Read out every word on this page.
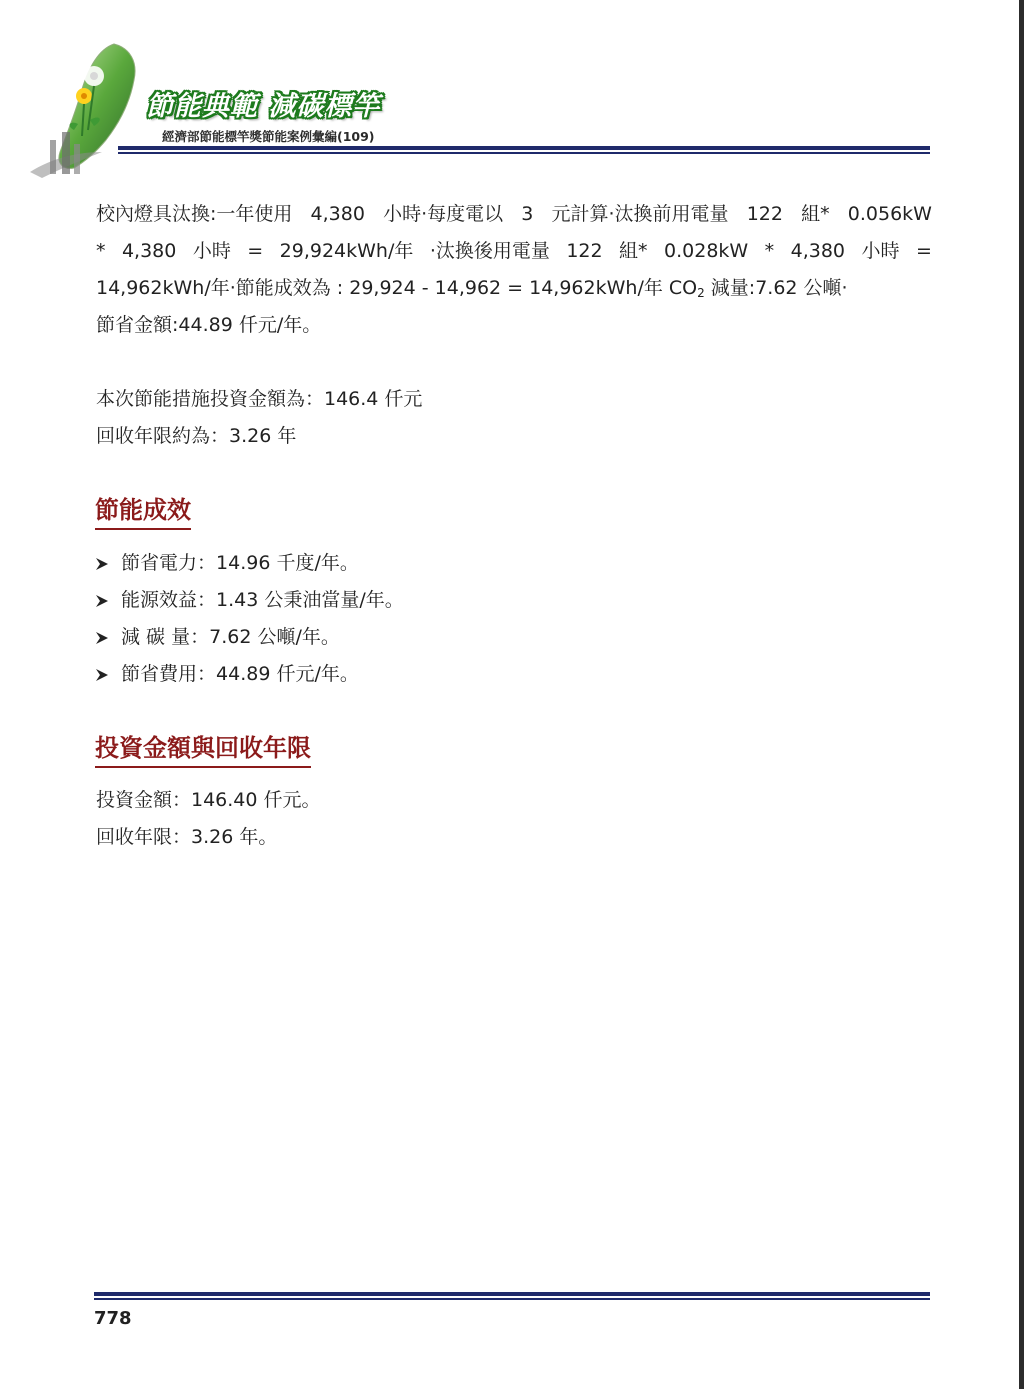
節能典範 減碳標竿
經濟部節能標竿獎節能案例彙編(109)
校內燈具汰換:一年使用 4,380 小時‧每度電以 3 元計算‧汰換前用電量 122 組* 0.056kW
* 4,380 小時 = 29,924kWh/年 ‧汰換後用電量 122 組* 0.028kW * 4,380 小時 =
14,962kWh/年‧節能成效為 : 29,924 - 14,962 = 14,962kWh/年 $CO_2$ 減量:7.62 公噸‧
節省金額:44.89 仟元/年。
本次節能措施投資金額為：146.4 仟元
回收年限約為：3.26 年
節能成效
節省電力 ： 14.96 千度/年。
能源效益 ： 1.43 公秉油當量/年。
減 碳 量 ： 7.62 公噸/年。
節省費用 ： 44.89 仟元/年。
投資金額與回收年限
投資金額：146.40 仟元。
回收年限：3.26 年。
778
